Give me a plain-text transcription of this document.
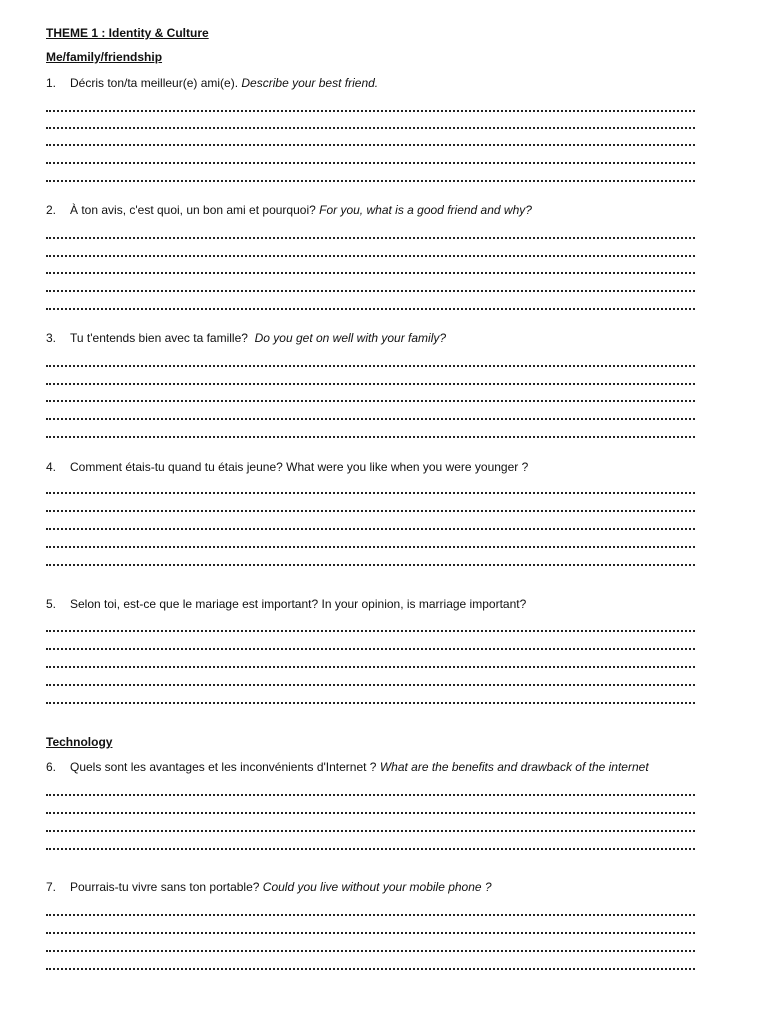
THEME 1 : Identity & Culture
Me/family/friendship
1. Décris ton/ta meilleur(e) ami(e). Describe your best friend.
2. À ton avis, c'est quoi, un bon ami et pourquoi? For you, what is a good friend and why?
3. Tu t'entends bien avec ta famille? Do you get on well with your family?
4. Comment étais-tu quand tu étais jeune? What were you like when you were younger ?
5. Selon toi, est-ce que le mariage est important? In your opinion, is marriage important?
Technology
6. Quels sont les avantages et les inconvénients d'Internet ? What are the benefits and drawback of the internet
7. Pourrais-tu vivre sans ton portable? Could you live without your mobile phone ?
